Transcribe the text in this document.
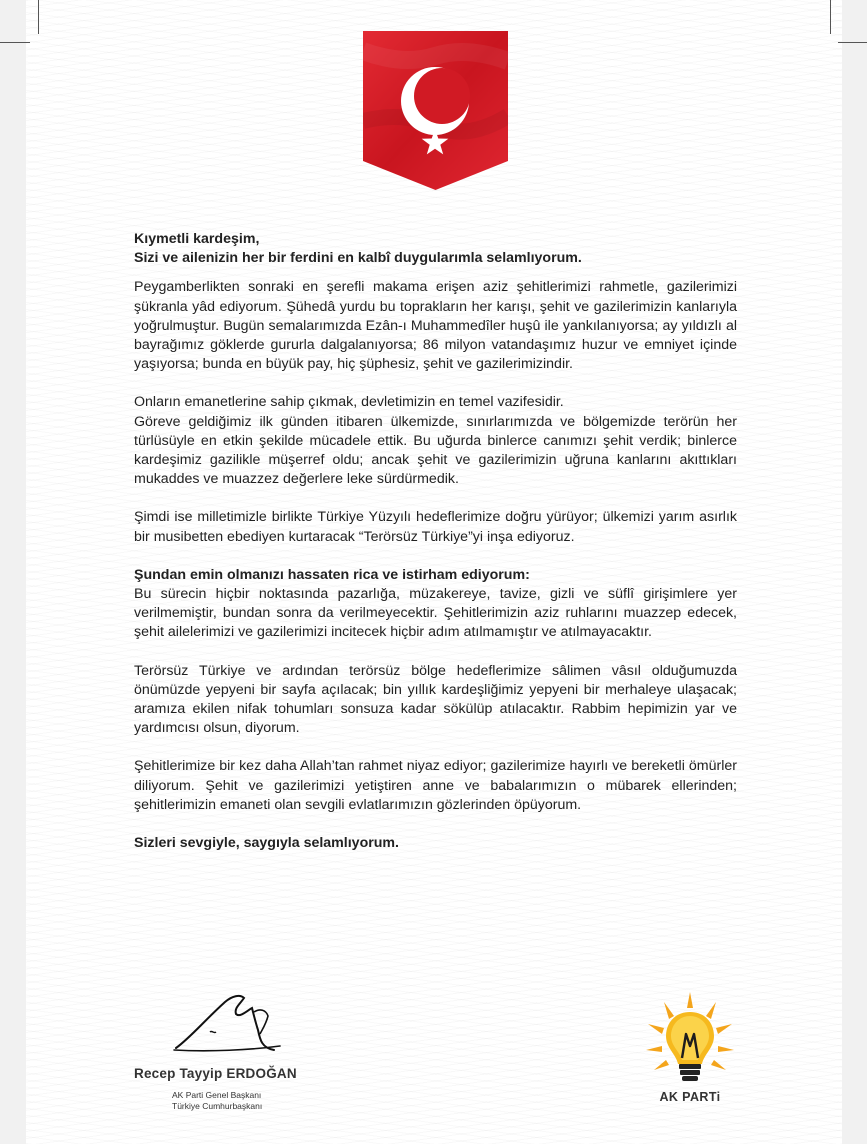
Kıymetli kardeşim,
Sizi ve ailenizin her bir ferdini en kalbî duygularımla selamlıyorum.

Peygamberlikten sonraki en şerefli makama erişen aziz şehitlerimizi rahmetle, gazilerimizi şükranla yâd ediyorum. Şühedâ yurdu bu toprakların her karışı, şehit ve gazilerimizin kanlarıyla yoğrulmuştur. Bugün semalarımızda Ezân-ı Muhammedîler huşû ile yankılanıyorsa; ay yıldızlı al bayrağımız göklerde gururla dalgalanıyorsa; 86 milyon vatandaşımız huzur ve emniyet içinde yaşıyorsa; bunda en büyük pay, hiç şüphesiz, şehit ve gazilerimizindir.

Onların emanetlerine sahip çıkmak, devletimizin en temel vazifesidir.
Göreve geldiğimiz ilk günden itibaren ülkemizde, sınırlarımızda ve bölgemizde terörün her türlüsüyle en etkin şekilde mücadele ettik. Bu uğurda binlerce canımızı şehit verdik; binlerce kardeşimiz gazilikle müşerref oldu; ancak şehit ve gazilerimizin uğruna kanlarını akıttıkları mukaddes ve muazzez değerlere leke sürdürmedik.

Şimdi ise milletimizle birlikte Türkiye Yüzyılı hedeflerimize doğru yürüyor; ülkemizi yarım asırlık bir musibetten ebediyen kurtaracak “Terörsüz Türkiye”yi inşa ediyoruz.

Şundan emin olmanızı hassaten rica ve istirham ediyorum:
Bu sürecin hiçbir noktasında pazarlığa, müzakereye, tavize, gizli ve süflî girişimlere yer verilmemiştir, bundan sonra da verilmeyecektir. Şehitlerimizin aziz ruhlarını muazzep edecek, şehit ailelerimizi ve gazilerimizi incitecek hiçbir adım atılmamıştır ve atılmayacaktır.

Terörsüz Türkiye ve ardından terörsüz bölge hedeflerimize sâlimen vâsıl olduğumuzda önümüzde yepyeni bir sayfa açılacak; bin yıllık kardeşliğimiz yepyeni bir merhaleye ulaşacak; aramıza ekilen nifak tohumları sonsuza kadar sökülüp atılacaktır. Rabbim hepimizin yar ve yardımcısı olsun, diyorum.

Şehitlerimize bir kez daha Allah’tan rahmet niyaz ediyor; gazilerimize hayırlı ve bereketli ömürler diliyorum. Şehit ve gazilerimizi yetiştiren anne ve babalarımızın o mübarek ellerinden; şehitlerimizin emaneti olan sevgili evlatlarımızın gözlerinden öpüyorum.

Sizleri sevgiyle, saygıyla selamlıyorum.

Recep Tayyip ERDOĞAN
AK Parti Genel Başkanı
Türkiye Cumhurbaşkanı
AK PARTi
